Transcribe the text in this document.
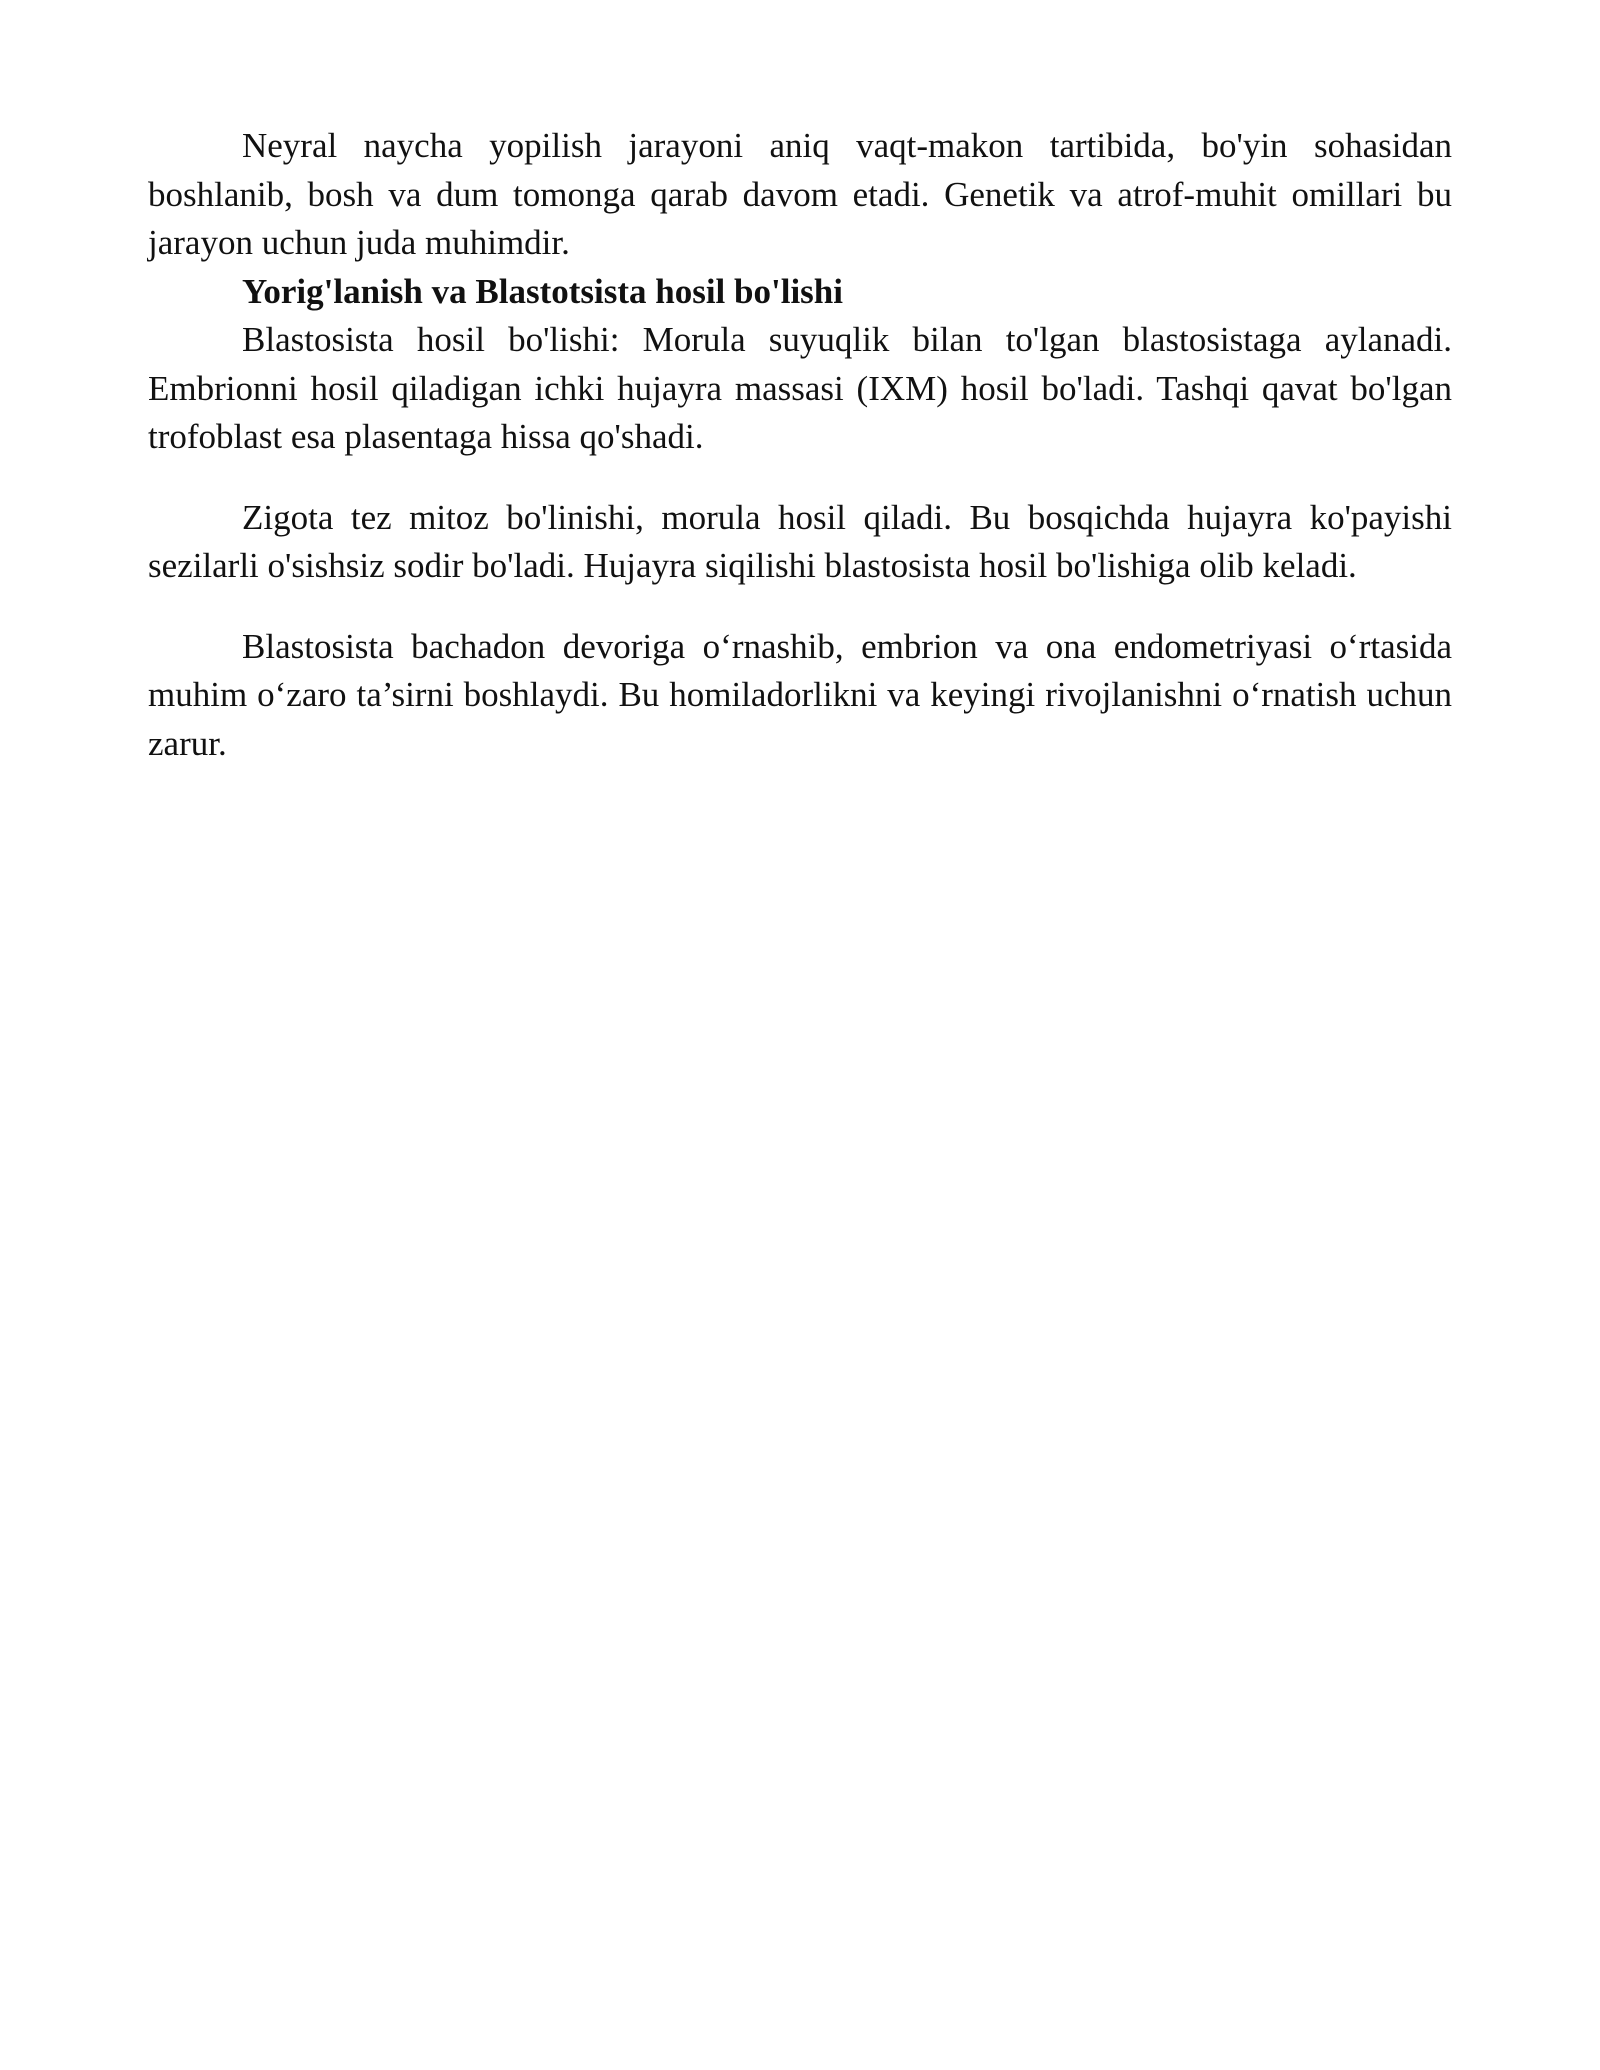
Neyral naycha yopilish jarayoni aniq vaqt-makon tartibida, bo'yin sohasidan boshlanib, bosh va dum tomonga qarab davom etadi. Genetik va atrof-muhit omillari bu jarayon uchun juda muhimdir.

Yorig'lanish va Blastotsista hosil bo'lishi

Blastosista hosil bo'lishi: Morula suyuqlik bilan to'lgan blastosistaga aylanadi. Embrionni hosil qiladigan ichki hujayra massasi (IXM) hosil bo'ladi. Tashqi qavat bo'lgan trofoblast esa plasentaga hissa qo'shadi.

Zigota tez mitoz bo'linishi, morula hosil qiladi. Bu bosqichda hujayra ko'payishi sezilarli o'sishsiz sodir bo'ladi. Hujayra siqilishi blastosista hosil bo'lishiga olib keladi.

Blastosista bachadon devoriga o‘rnashib, embrion va ona endometriyasi o‘rtasida muhim o‘zaro ta’sirni boshlaydi. Bu homiladorlikni va keyingi rivojlanishni o‘rnatish uchun zarur.
